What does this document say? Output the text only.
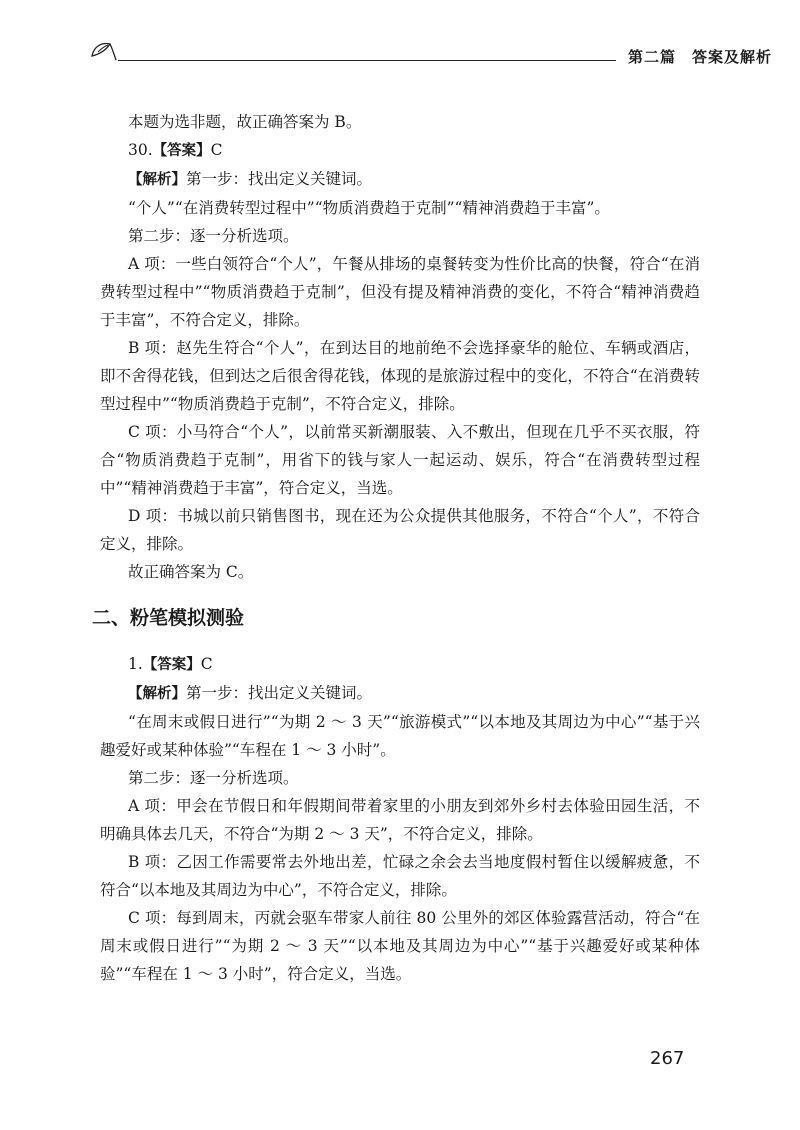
第二篇　答案及解析

本题为选非题，故正确答案为 B。

30.【答案】C

【解析】第一步：找出定义关键词。

“个人”“在消费转型过程中”“物质消费趋于克制”“精神消费趋于丰富”。

第二步：逐一分析选项。

A 项：一些白领符合“个人”，午餐从排场的桌餐转变为性价比高的快餐，符合“在消费转型过程中”“物质消费趋于克制”，但没有提及精神消费的变化，不符合“精神消费趋于丰富”，不符合定义，排除。

B 项：赵先生符合“个人”，在到达目的地前绝不会选择豪华的舱位、车辆或酒店，即不舍得花钱，但到达之后很舍得花钱，体现的是旅游过程中的变化，不符合“在消费转型过程中”“物质消费趋于克制”，不符合定义，排除。

C 项：小马符合“个人”，以前常买新潮服装、入不敷出，但现在几乎不买衣服，符合“物质消费趋于克制”，用省下的钱与家人一起运动、娱乐，符合“在消费转型过程中”“精神消费趋于丰富”，符合定义，当选。

D 项：书城以前只销售图书，现在还为公众提供其他服务，不符合“个人”，不符合定义，排除。

故正确答案为 C。

二、粉笔模拟测验

1.【答案】C

【解析】第一步：找出定义关键词。

“在周末或假日进行”“为期 2 ～ 3 天”“旅游模式”“以本地及其周边为中心”“基于兴趣爱好或某种体验”“车程在 1 ～ 3 小时”。

第二步：逐一分析选项。

A 项：甲会在节假日和年假期间带着家里的小朋友到郊外乡村去体验田园生活，不明确具体去几天，不符合“为期 2 ～ 3 天”，不符合定义，排除。

B 项：乙因工作需要常去外地出差，忙碌之余会去当地度假村暂住以缓解疲惫，不符合“以本地及其周边为中心”，不符合定义，排除。

C 项：每到周末，丙就会驱车带家人前往 80 公里外的郊区体验露营活动，符合“在周末或假日进行”“为期 2 ～ 3 天”“以本地及其周边为中心”“基于兴趣爱好或某种体验”“车程在 1 ～ 3 小时”，符合定义，当选。

267
